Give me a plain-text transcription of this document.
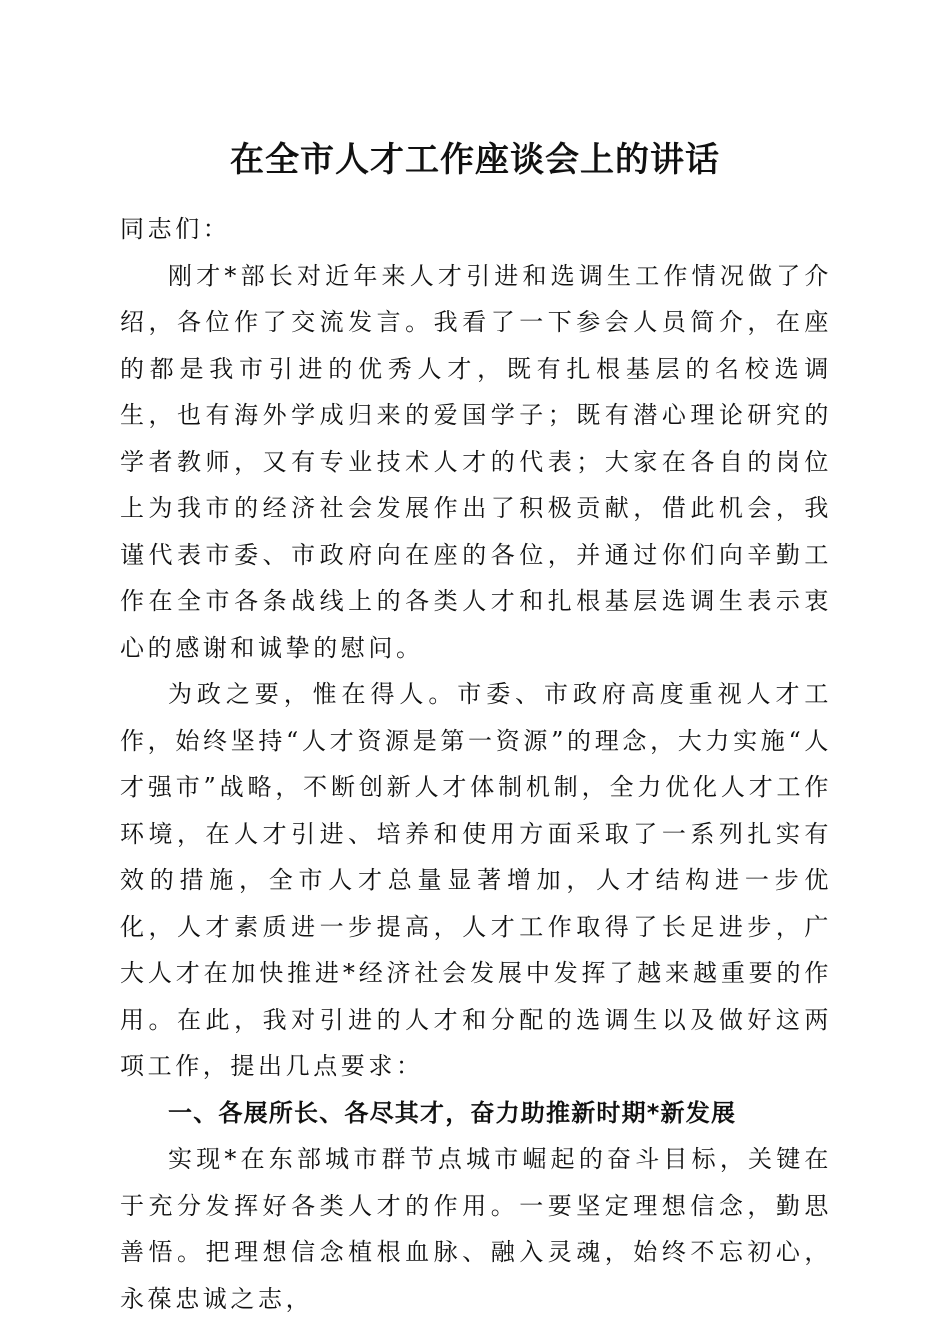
在全市人才工作座谈会上的讲话

同志们：

刚才*部长对近年来人才引进和选调生工作情况做了介绍，各位作了交流发言。我看了一下参会人员简介，在座的都是我市引进的优秀人才，既有扎根基层的名校选调生，也有海外学成归来的爱国学子；既有潜心理论研究的学者教师，又有专业技术人才的代表；大家在各自的岗位上为我市的经济社会发展作出了积极贡献，借此机会，我谨代表市委、市政府向在座的各位，并通过你们向辛勤工作在全市各条战线上的各类人才和扎根基层选调生表示衷心的感谢和诚挚的慰问。

为政之要，惟在得人。市委、市政府高度重视人才工作，始终坚持“人才资源是第一资源”的理念，大力实施“人才强市”战略，不断创新人才体制机制，全力优化人才工作环境，在人才引进、培养和使用方面采取了一系列扎实有效的措施，全市人才总量显著增加，人才结构进一步优化，人才素质进一步提高，人才工作取得了长足进步，广大人才在加快推进*经济社会发展中发挥了越来越重要的作用。在此，我对引进的人才和分配的选调生以及做好这两项工作，提出几点要求：

一、各展所长、各尽其才，奋力助推新时期*新发展

实现*在东部城市群节点城市崛起的奋斗目标，关键在于充分发挥好各类人才的作用。一要坚定理想信念，勤思善悟。把理想信念植根血脉、融入灵魂，始终不忘初心，永葆忠诚之志，
